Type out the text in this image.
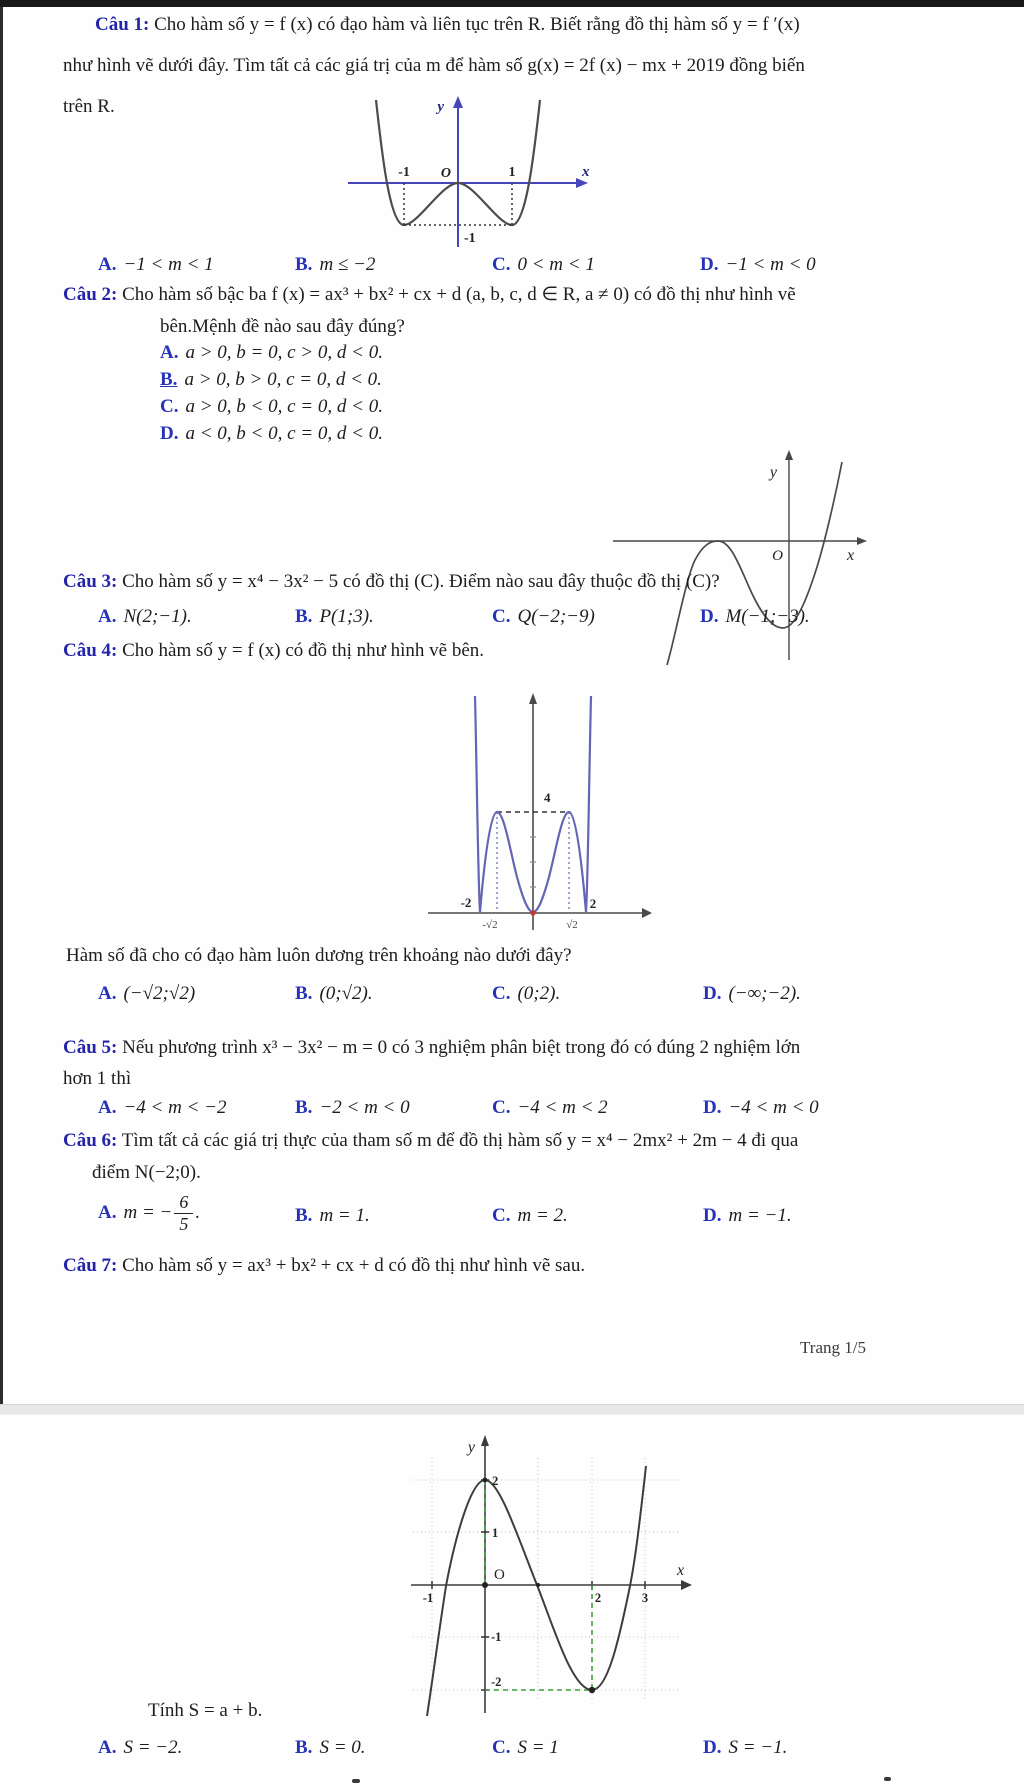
Câu 1: Cho hàm số y = f (x) có đạo hàm và liên tục trên R. Biết rằng đồ thị hàm số y = f ′(x)
như hình vẽ dưới đây. Tìm tất cả các giá trị của m để hàm số g(x) = 2f (x) − mx + 2019 đồng biến
trên R.	y
x
O
-1	1
-1
A. −1 < m < 1	B. m ≤ −2	C. 0 < m < 1	D. −1 < m < 0
Câu 2: Cho hàm số bậc ba f (x) = ax³ + bx² + cx + d (a, b, c, d ∈ R, a ≠ 0) có đồ thị như hình vẽ
bên.Mệnh đề nào sau đây đúng?
A. a > 0, b = 0, c > 0, d < 0.
B. a > 0, b > 0, c = 0, d < 0.
C. a > 0, b < 0, c = 0, d < 0.
D. a < 0, b < 0, c = 0, d < 0.
y
O	x
Câu 3: Cho hàm số y = x⁴ − 3x² − 5 có đồ thị (C). Điểm nào sau đây thuộc đồ thị (C)?
A. N(2;−1).	B. P(1;3).	C. Q(−2;−9)	D. M(−1;−3).
Câu 4: Cho hàm số y = f (x) có đồ thị như hình vẽ bên.
4
-2	2
-√2	√2
Hàm số đã cho có đạo hàm luôn dương trên khoảng nào dưới đây?
A. (−√2;√2)	B. (0;√2).	C. (0;2).	D. (−∞;−2).
Câu 5: Nếu phương trình x³ − 3x² − m = 0 có 3 nghiệm phân biệt trong đó có đúng 2 nghiệm lớn
hơn 1 thì
A. −4 < m < −2	B. −2 < m < 0	C. −4 < m < 2	D. −4 < m < 0
Câu 6: Tìm tất cả các giá trị thực của tham số m để đồ thị hàm số y = x⁴ − 2mx² + 2m − 4 đi qua
điểm N(−2;0).
A. m = − $\frac{6}{5}$ .	B. m = 1.	C. m = 2.	D. m = −1.
Câu 7: Cho hàm số y = ax³ + bx² + cx + d có đồ thị như hình vẽ sau.
Trang 1/5
y
x
O
-1	2	3
2
1
-1
-2
Tính S = a + b.
A. S = −2.	B. S = 0.	C. S = 1	D. S = −1.
